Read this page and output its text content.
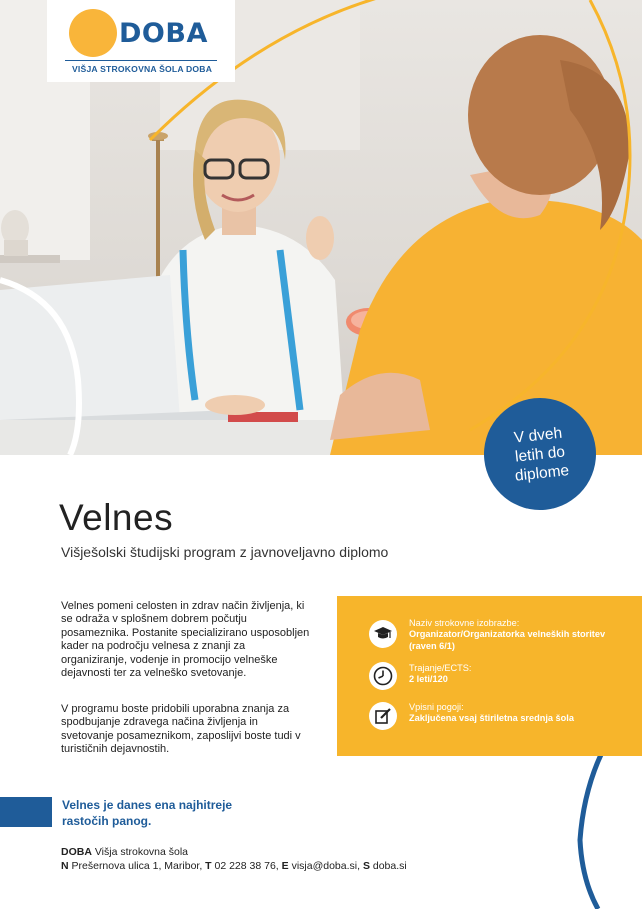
DOBA
VIŠJA STROKOVNA ŠOLA DOBA
V dveh letih do diplome
Velnes
Višješolski študijski program z javnoveljavno diplomo

Velnes pomeni celosten in zdrav način življenja, ki se odraža v splošnem dobrem počutju posameznika. Postanite specializirano usposobljen kader na področju velnesa z znanji za organiziranje, vodenje in promocijo velneške dejavnosti ter za velneško svetovanje.

V programu boste pridobili uporabna znanja za spodbujanje zdravega načina življenja in svetovanje posameznikom, zaposlijvi boste tudi v turističnih dejavnostih.

Naziv strokovne izobrazbe:
Organizator/Organizatorka velneških storitev (raven 6/1)
Trajanje/ECTS:
2 leti/120
Vpisni pogoji:
Zaključena vsaj štiriletna srednja šola
Velnes je danes ena najhitreje rastočih panog.
DOBA Višja strokovna šola
N Prešernova ulica 1, Maribor, T 02 228 38 76, E visja@doba.si, S doba.si
